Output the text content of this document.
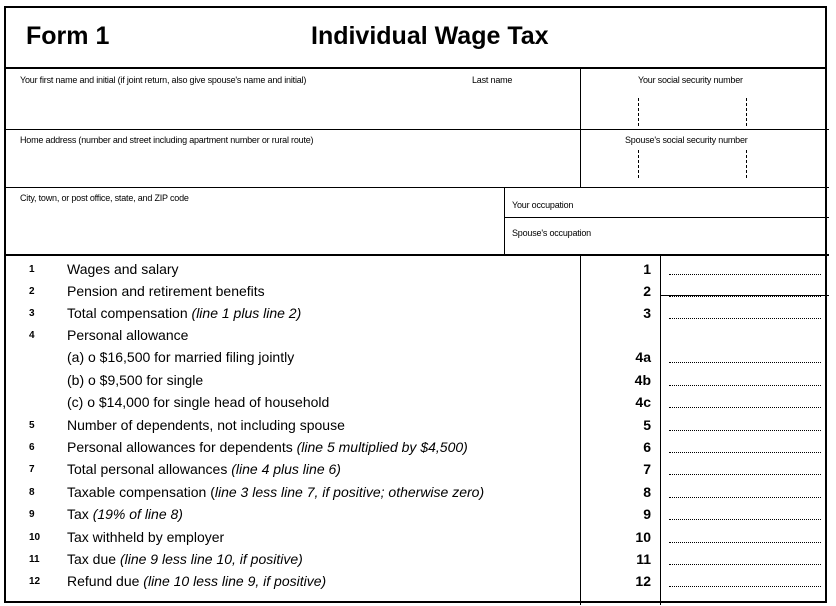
Form 1	Individual Wage Tax
Your first name and initial (if joint return, also give spouse's name and initial)	Last name	Your social security number
Home address (number and street including apartment number or rural route)	Spouse's social security number
City, town, or post office, state, and ZIP code
Your occupation
Spouse's occupation
1 Wages and salary	1
2 Pension and retirement benefits	2
3 Total compensation (line 1 plus line 2)	3
4 Personal allowance
(a) o $16,500 for married filing jointly	4a
(b) o $9,500 for single	4b
(c) o $14,000 for single head of household	4c
5 Number of dependents, not including spouse	5
6 Personal allowances for dependents (line 5 multiplied by $4,500)	6
7 Total personal allowances (line 4 plus line 6)	7
8 Taxable compensation (line 3 less line 7, if positive; otherwise zero)	8
9 Tax (19% of line 8)	9
10 Tax withheld by employer	10
11 Tax due (line 9 less line 10, if positive)	11
12 Refund due (line 10 less line 9, if positive)	12
